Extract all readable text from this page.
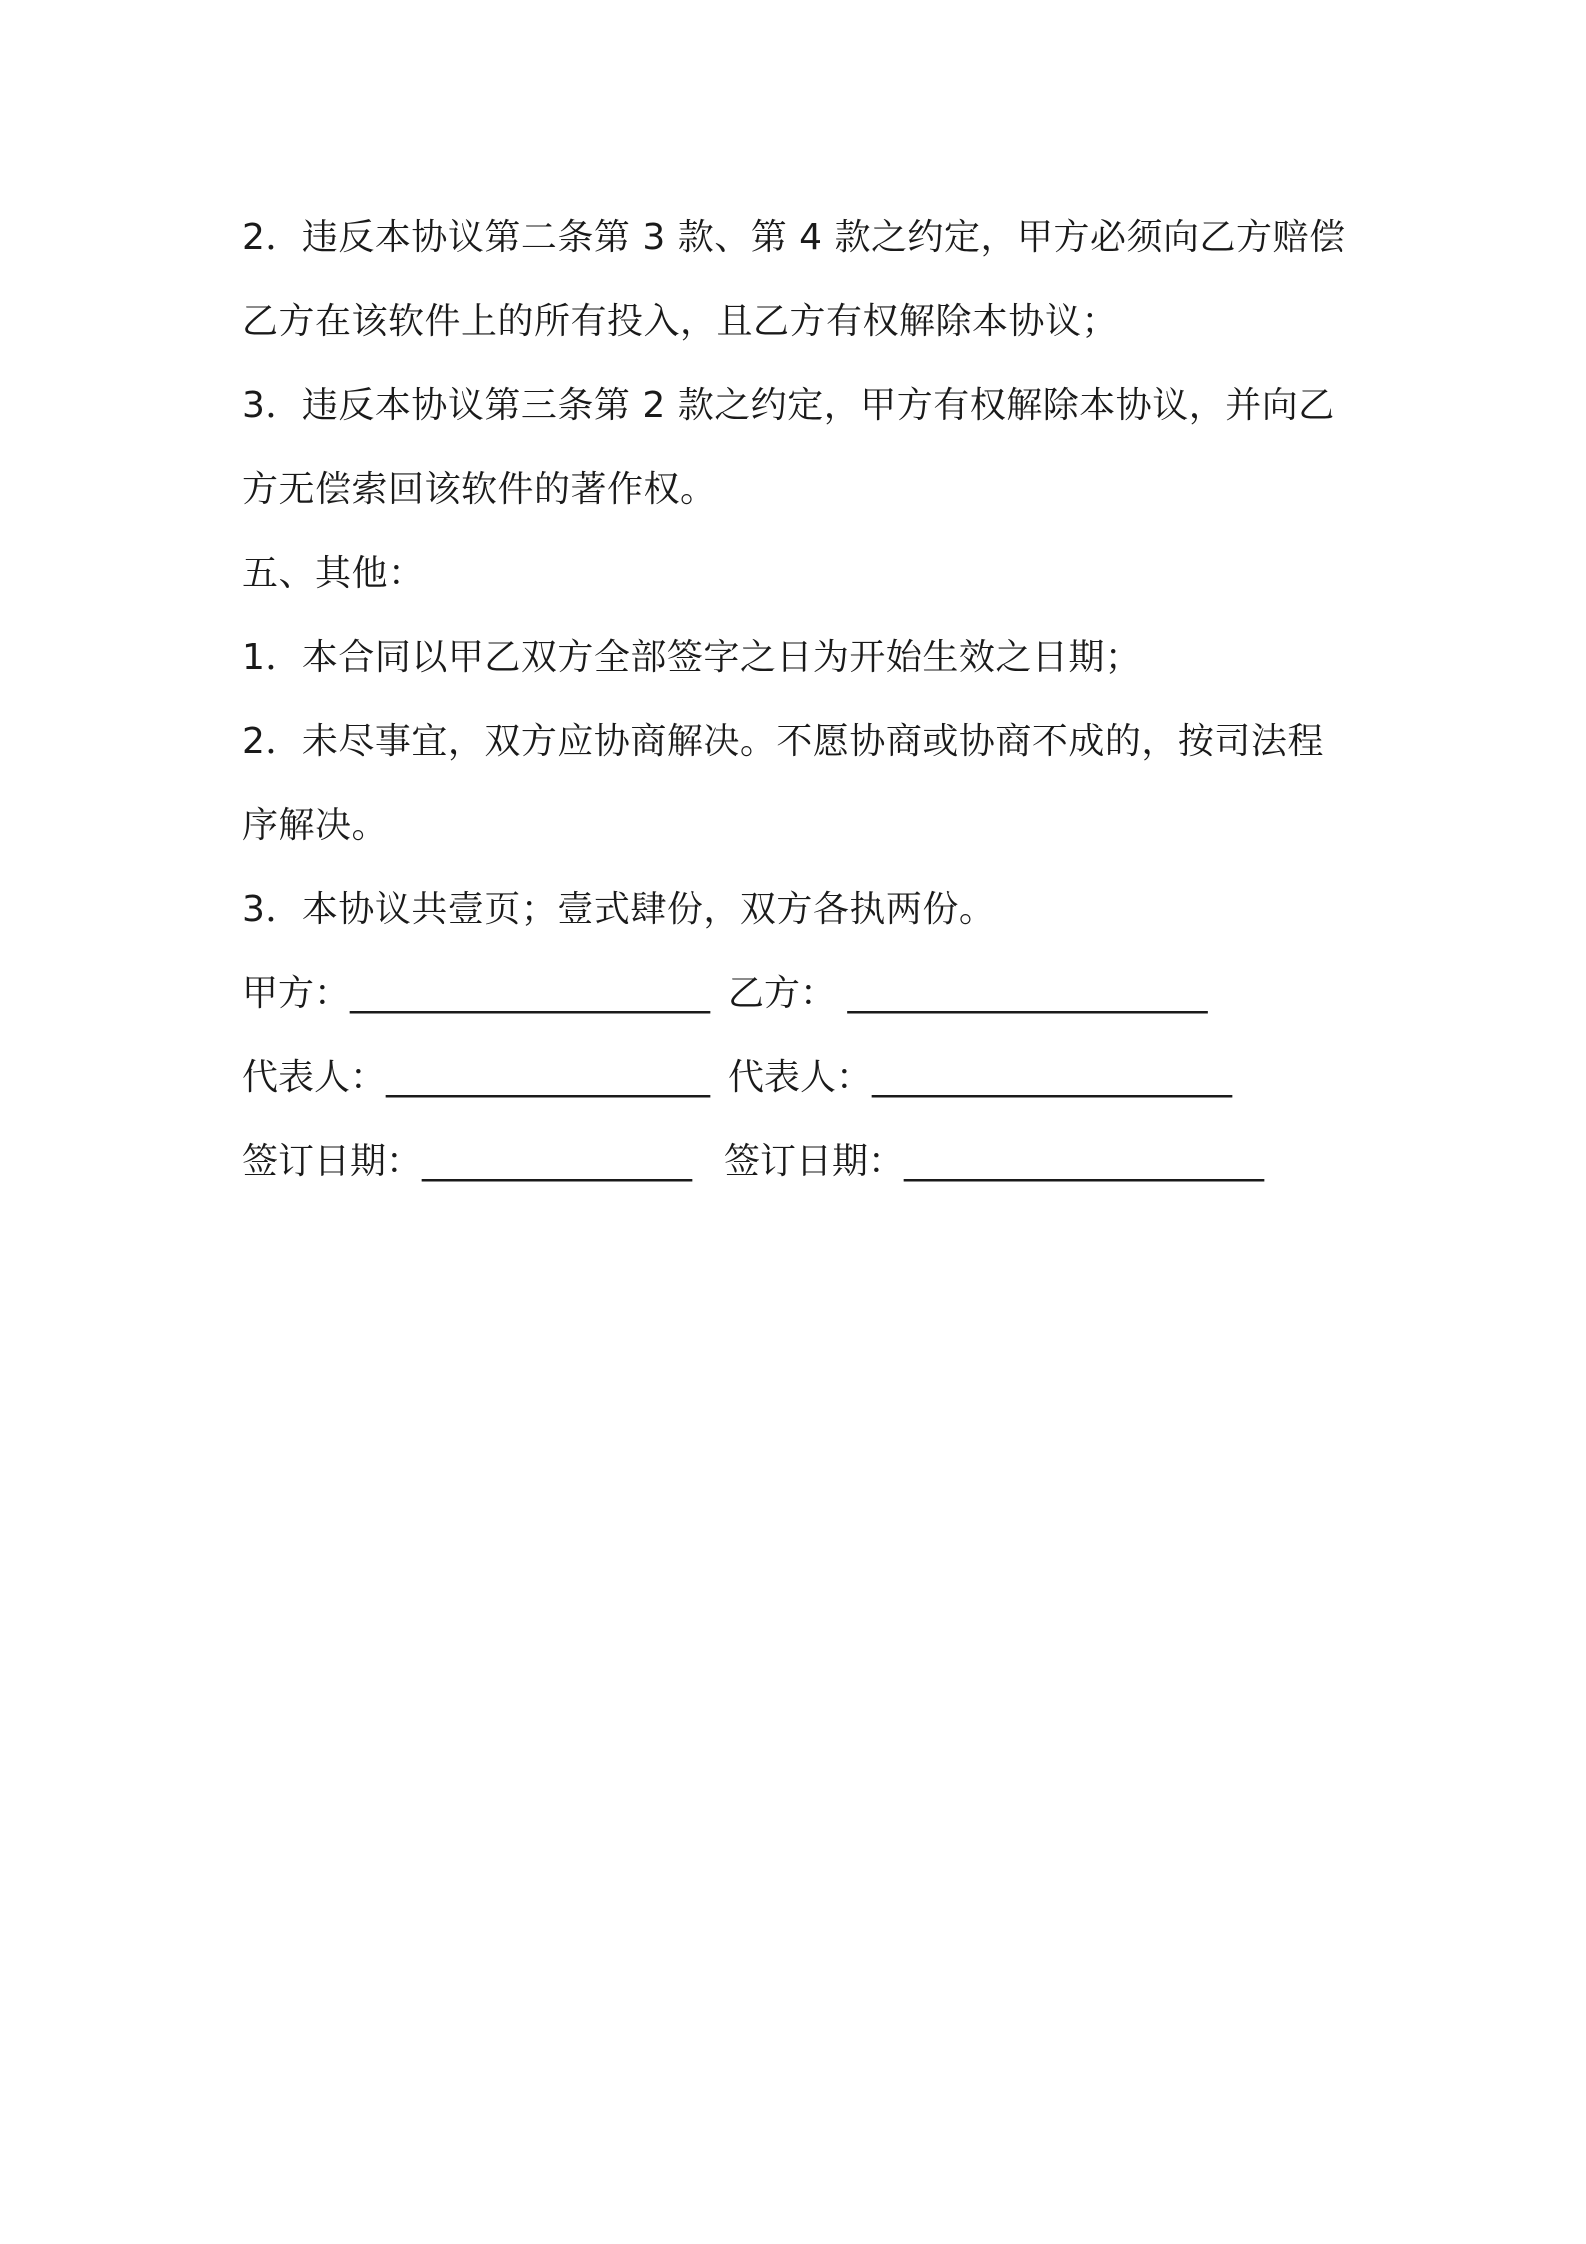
2．违反本协议第二条第 3 款、第 4 款之约定，甲方必须向乙方赔偿
乙方在该软件上的所有投入，且乙方有权解除本协议；
3．违反本协议第三条第 2 款之约定，甲方有权解除本协议，并向乙
方无偿索回该软件的著作权。
五、其他：
1．本合同以甲乙双方全部签字之日为开始生效之日期；
2．未尽事宜，双方应协商解决。不愿协商或协商不成的，按司法程
序解决。
3．本协议共壹页；壹式肆份，双方各执两份。
甲方：____________________ 乙方： ____________________
代表人：__________________ 代表人：____________________
签订日期：_______________ 签订日期：____________________
